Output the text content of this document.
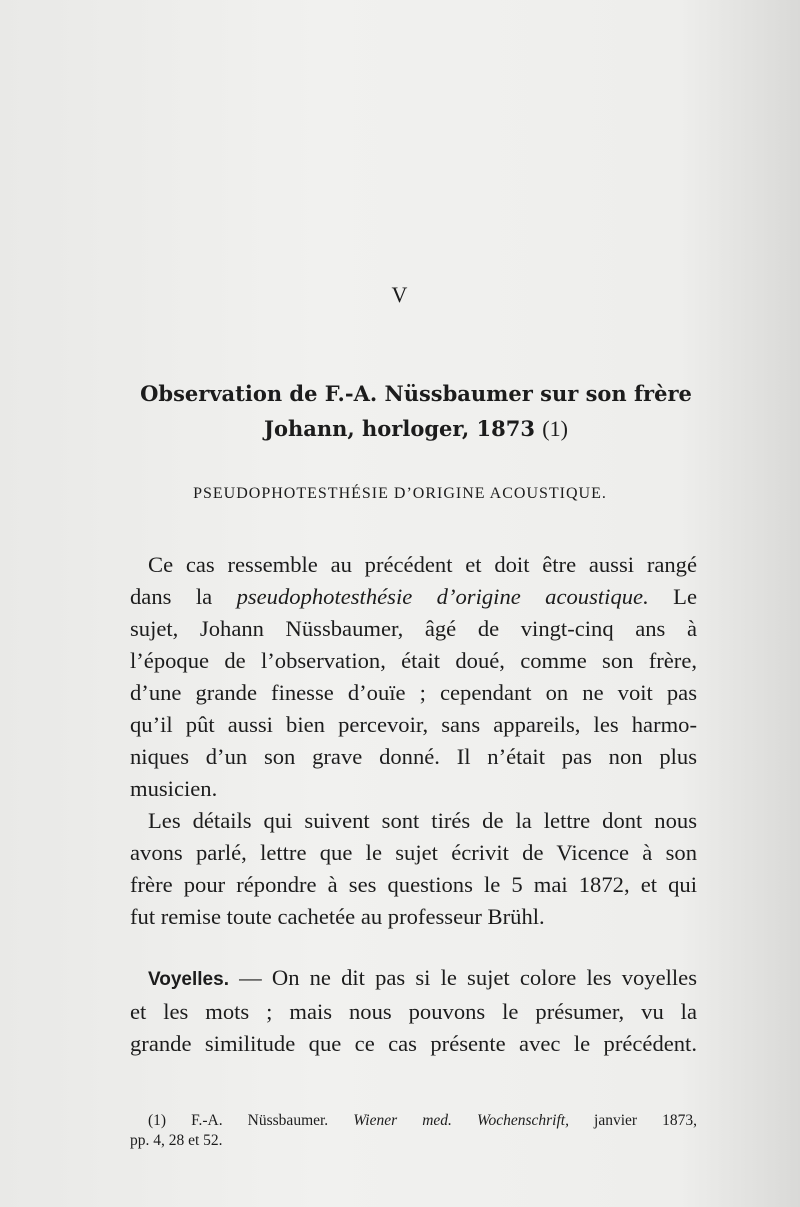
V
Observation de F.-A. Nüssbaumer sur son frère
Johann, horloger, 1873 (1)
PSEUDOPHOTESTHÉSIE D’ORIGINE ACOUSTIQUE.
Ce cas ressemble au précédent et doit être aussi rangé
dans la pseudophotesthésie d’origine acoustique. Le
sujet, Johann Nüssbaumer, âgé de vingt-cinq ans à
l’époque de l’observation, était doué, comme son frère,
d’une grande finesse d’ouïe ; cependant on ne voit pas
qu’il pût aussi bien percevoir, sans appareils, les harmo-
niques d’un son grave donné. Il n’était pas non plus
musicien.
Les détails qui suivent sont tirés de la lettre dont nous
avons parlé, lettre que le sujet écrivit de Vicence à son
frère pour répondre à ses questions le 5 mai 1872, et qui
fut remise toute cachetée au professeur Brühl.
Voyelles. — On ne dit pas si le sujet colore les voyelles
et les mots ; mais nous pouvons le présumer, vu la
grande similitude que ce cas présente avec le précédent.
(1) F.-A. Nüssbaumer. Wiener med. Wochenschrift, janvier 1873,
pp. 4, 28 et 52.
